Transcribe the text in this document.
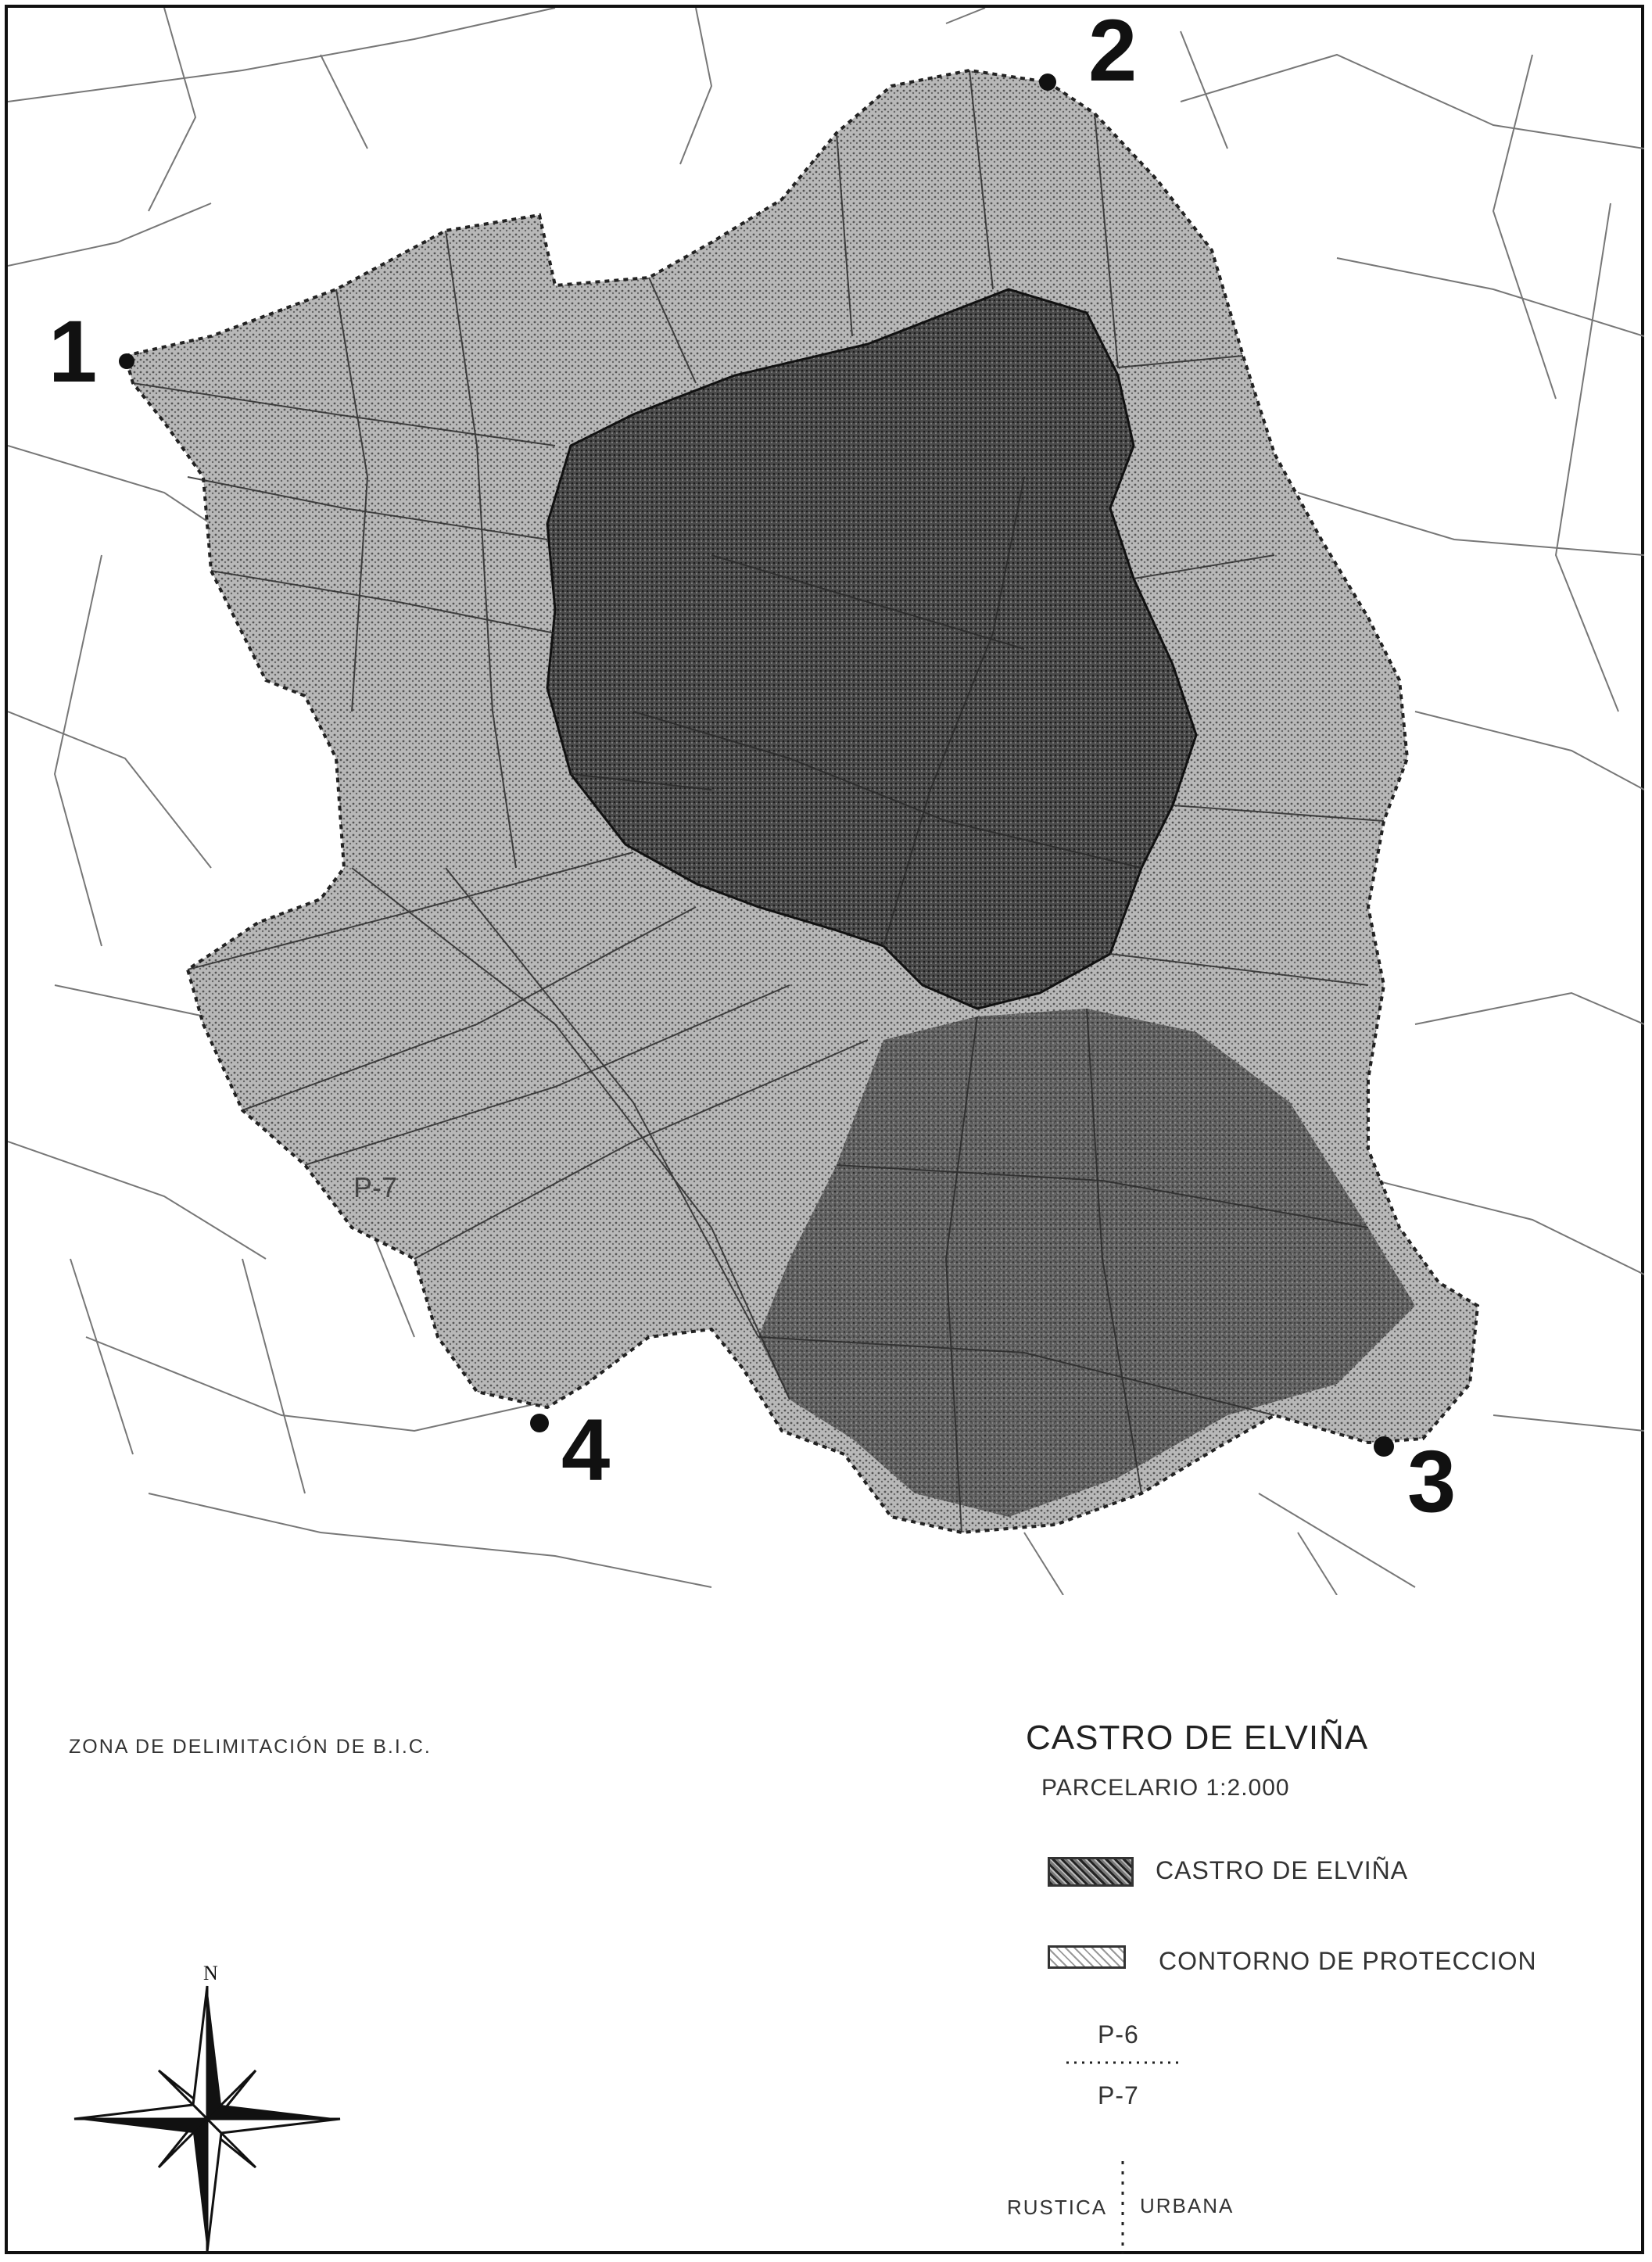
1
2
3
4
P-7
ZONA DE DELIMITACIÓN DE B.I.C.	CASTRO DE ELVIÑA
PARCELARIO 1:2.000
CASTRO DE ELVIÑA
CONTORNO DE PROTECCION
P-6
P-7
RUSTICA URBANA
N
